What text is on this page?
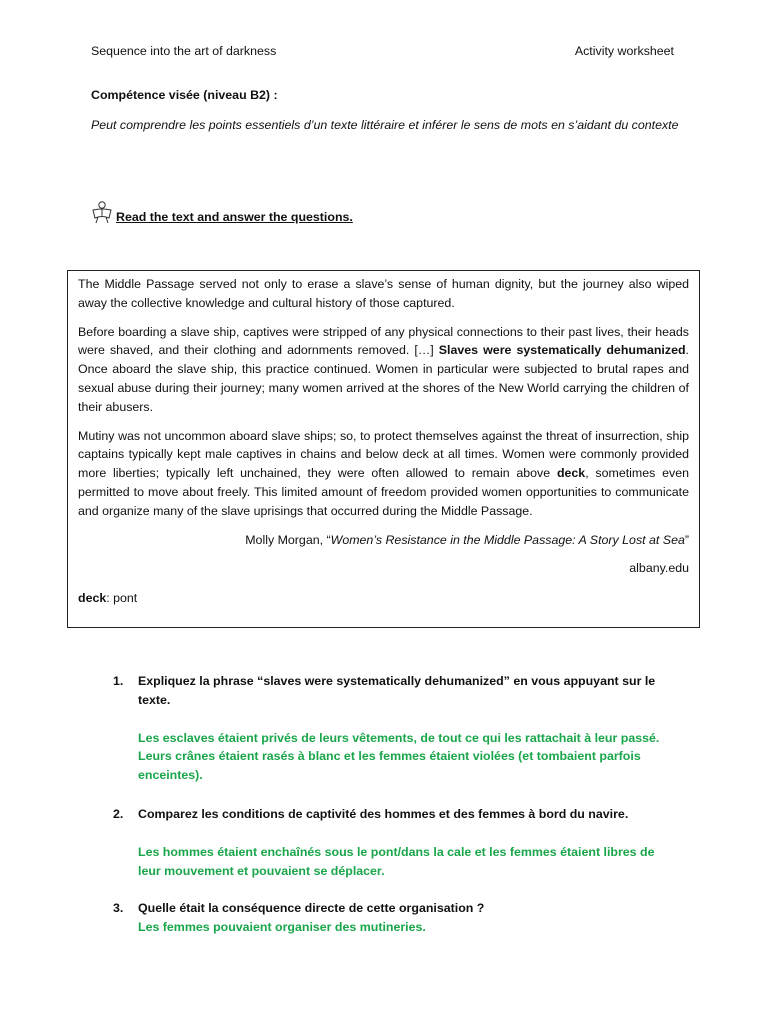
Sequence into the art of darkness	Activity worksheet
Compétence visée (niveau B2) :
Peut comprendre les points essentiels d’un texte littéraire et inférer le sens de mots en s’aidant du contexte
Read the text and answer the questions.

The Middle Passage served not only to erase a slave’s sense of human dignity, but the journey also wiped away the collective knowledge and cultural history of those captured.

Before boarding a slave ship, captives were stripped of any physical connections to their past lives, their heads were shaved, and their clothing and adornments removed. […] Slaves were systematically dehumanized. Once aboard the slave ship, this practice continued. Women in particular were subjected to brutal rapes and sexual abuse during their journey; many women arrived at the shores of the New World carrying the children of their abusers.

Mutiny was not uncommon aboard slave ships; so, to protect themselves against the threat of insurrection, ship captains typically kept male captives in chains and below deck at all times. Women were commonly provided more liberties; typically left unchained, they were often allowed to remain above deck, sometimes even permitted to move about freely. This limited amount of freedom provided women opportunities to communicate and organize many of the slave uprisings that occurred during the Middle Passage.

Molly Morgan, “Women’s Resistance in the Middle Passage: A Story Lost at Sea”

albany.edu

deck: pont

1.	Expliquez la phrase “slaves were systematically dehumanized” en vous appuyant sur le texte.
Les esclaves étaient privés de leurs vêtements, de tout ce qui les rattachait à leur passé. Leurs crânes étaient rasés à blanc et les femmes étaient violées (et tombaient parfois enceintes).
2.	Comparez les conditions de captivité des hommes et des femmes à bord du navire.
Les hommes étaient enchaînés sous le pont/dans la cale et les femmes étaient libres de leur mouvement et pouvaient se déplacer.
3.	Quelle était la conséquence directe de cette organisation ?
Les femmes pouvaient organiser des mutineries.
